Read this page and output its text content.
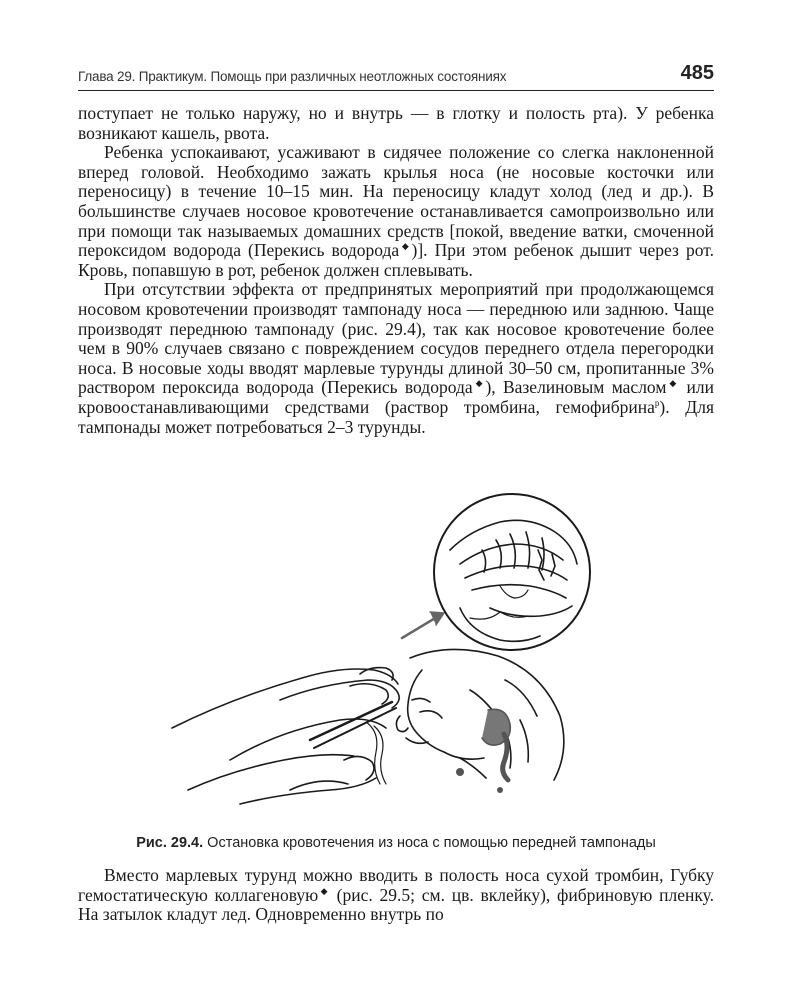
Глава 29. Практикум. Помощь при различных неотложных состояниях	485

поступает не только наружу, но и внутрь — в глотку и полость рта). У ребенка возникают кашель, рвота.

Ребенка успокаивают, усаживают в сидячее положение со слегка наклоненной вперед головой. Необходимо зажать крылья носа (не носовые косточки или переносицу) в течение 10–15 мин. На переносицу кладут холод (лед и др.). В большинстве случаев носовое кровотечение останавливается самопроизвольно или при помощи так называемых домашних средств [покой, введение ватки, смоченной пероксидом водорода (Перекись водорода◆)]. При этом ребенок дышит через рот. Кровь, попавшую в рот, ребенок должен сплевывать.

При отсутствии эффекта от предпринятых мероприятий при продолжающемся носовом кровотечении производят тампонаду носа — переднюю или заднюю. Чаще производят переднюю тампонаду (рис. 29.4), так как носовое кровотечение более чем в 90% случаев связано с повреждением сосудов переднего отдела перегородки носа. В носовые ходы вводят марлевые турунды длиной 30–50 см, пропитанные 3% раствором пероксида водорода (Перекись водорода◆), Вазелиновым маслом◆ или кровоостанавливающими средствами (раствор тромбина, гемофибрина$^р$). Для тампонады может потребоваться 2–3 турунды.

Рис. 29.4. Остановка кровотечения из носа с помощью передней тампонады

Вместо марлевых турунд можно вводить в полость носа сухой тромбин, Губку гемостатическую коллагеновую◆ (рис. 29.5; см. цв. вклейку), фибриновую пленку. На затылок кладут лед. Одновременно внутрь по
